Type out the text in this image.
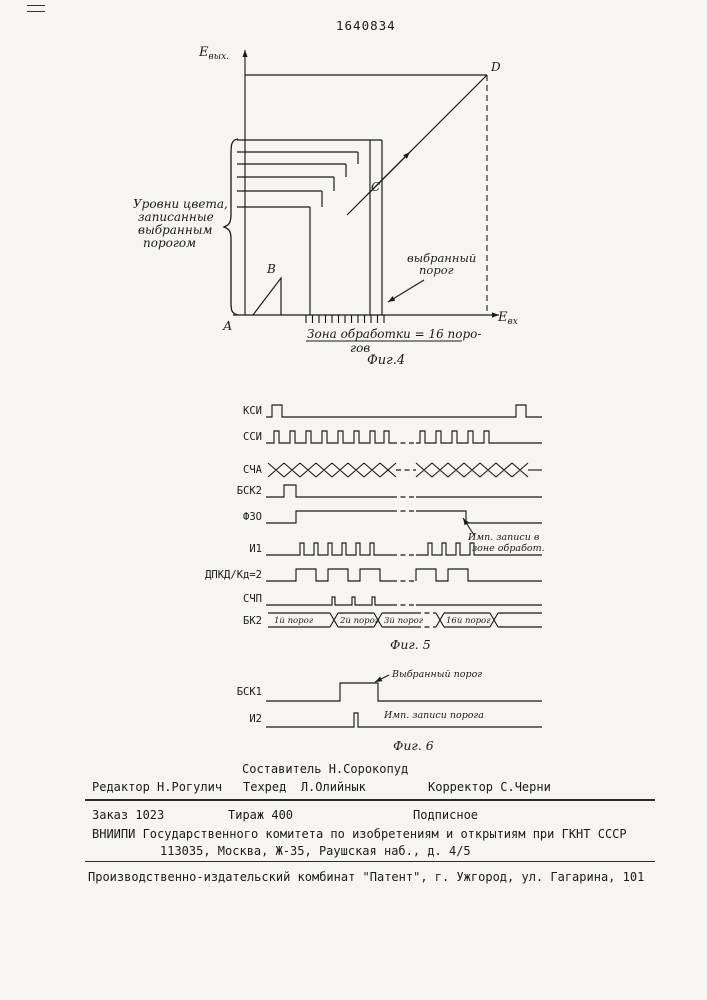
1640834
$Е_{вых.}$
$Е_{вх}$
А
В
С
D
Уровни цвета,
записанные
выбранным
порогом
выбранный
порог
Зона обработки = 16 поро-
гов
Фиг.4
КСИ
ССИ
СЧА
БСК2
ФЗО
И1
ДПКД/Кд=2
СЧП
БК2 1й порог	2й порог 3й порог	16й порог
Имп. записи в
зоне обработ.
Фиг. 5
БСК1
И2
Выбранный порог
Имп. записи порога
Фиг. 6
Составитель Н.Сорокопуд
Редактор Н.Рогулич Техред  Л.Олийнык	Корректор С.Черни
Заказ 1023	Тираж 400	Подписное
ВНИИПИ Государственного комитета по изобретениям и открытиям при ГКНТ СССР
113035, Москва, Ж-35, Раушская наб., д. 4/5
Производственно-издательский комбинат "Патент", г. Ужгород, ул. Гагарина, 101
